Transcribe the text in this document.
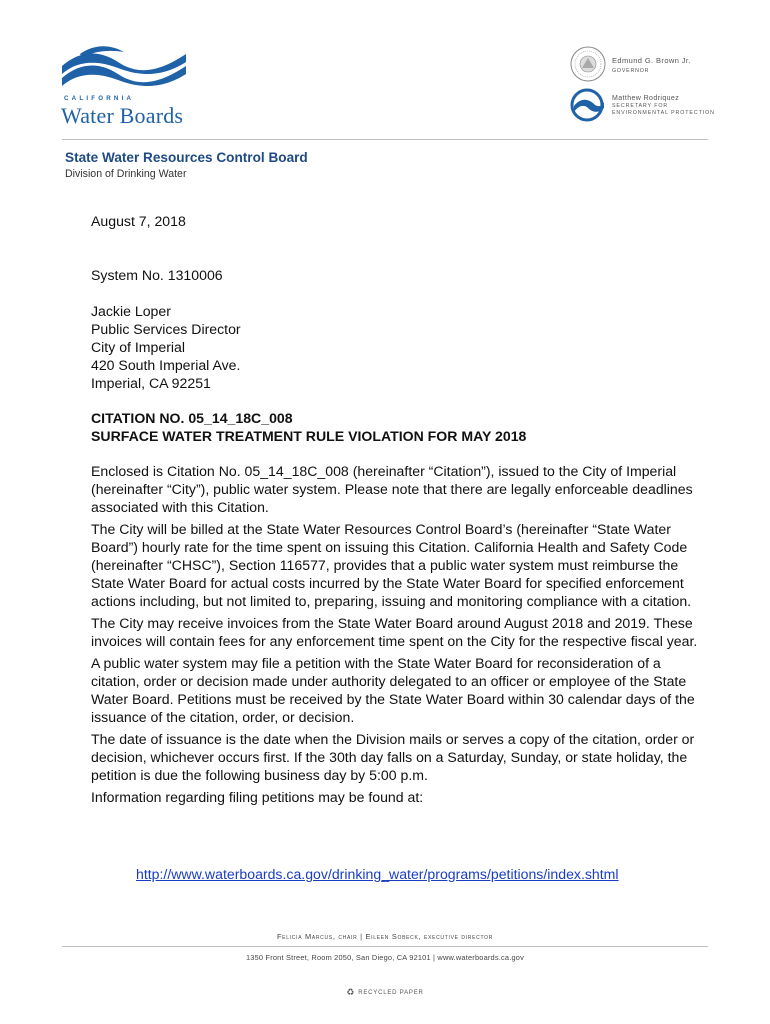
CALIFORNIA
Water Boards
Edmund G. Brown Jr.
GOVERNOR
Matthew Rodriquez
SECRETARY FOR
ENVIRONMENTAL PROTECTION
State Water Resources Control Board
Division of Drinking Water
August 7, 2018
System No. 1310006
Jackie Loper
Public Services Director
City of Imperial
420 South Imperial Ave.
Imperial, CA 92251
CITATION NO. 05_14_18C_008
SURFACE WATER TREATMENT RULE VIOLATION FOR MAY 2018

Enclosed is Citation No. 05_14_18C_008 (hereinafter “Citation”), issued to the City of Imperial (hereinafter “City”), public water system. Please note that there are legally enforceable deadlines associated with this Citation.

The City will be billed at the State Water Resources Control Board’s (hereinafter “State Water Board”) hourly rate for the time spent on issuing this Citation. California Health and Safety Code (hereinafter “CHSC”), Section 116577, provides that a public water system must reimburse the State Water Board for actual costs incurred by the State Water Board for specified enforcement actions including, but not limited to, preparing, issuing and monitoring compliance with a citation.

The City may receive invoices from the State Water Board around August 2018 and 2019. These invoices will contain fees for any enforcement time spent on the City for the respective fiscal year.

A public water system may file a petition with the State Water Board for reconsideration of a citation, order or decision made under authority delegated to an officer or employee of the State Water Board. Petitions must be received by the State Water Board within 30 calendar days of the issuance of the citation, order, or decision.

The date of issuance is the date when the Division mails or serves a copy of the citation, order or decision, whichever occurs first. If the 30th day falls on a Saturday, Sunday, or state holiday, the petition is due the following business day by 5:00 p.m.

Information regarding filing petitions may be found at:

http://www.waterboards.ca.gov/drinking_water/programs/petitions/index.shtml
Felicia Marcus, chair | Eileen Sobeck, executive director
1350 Front Street, Room 2050, San Diego, CA 92101 | www.waterboards.ca.gov
♻ RECYCLED PAPER
